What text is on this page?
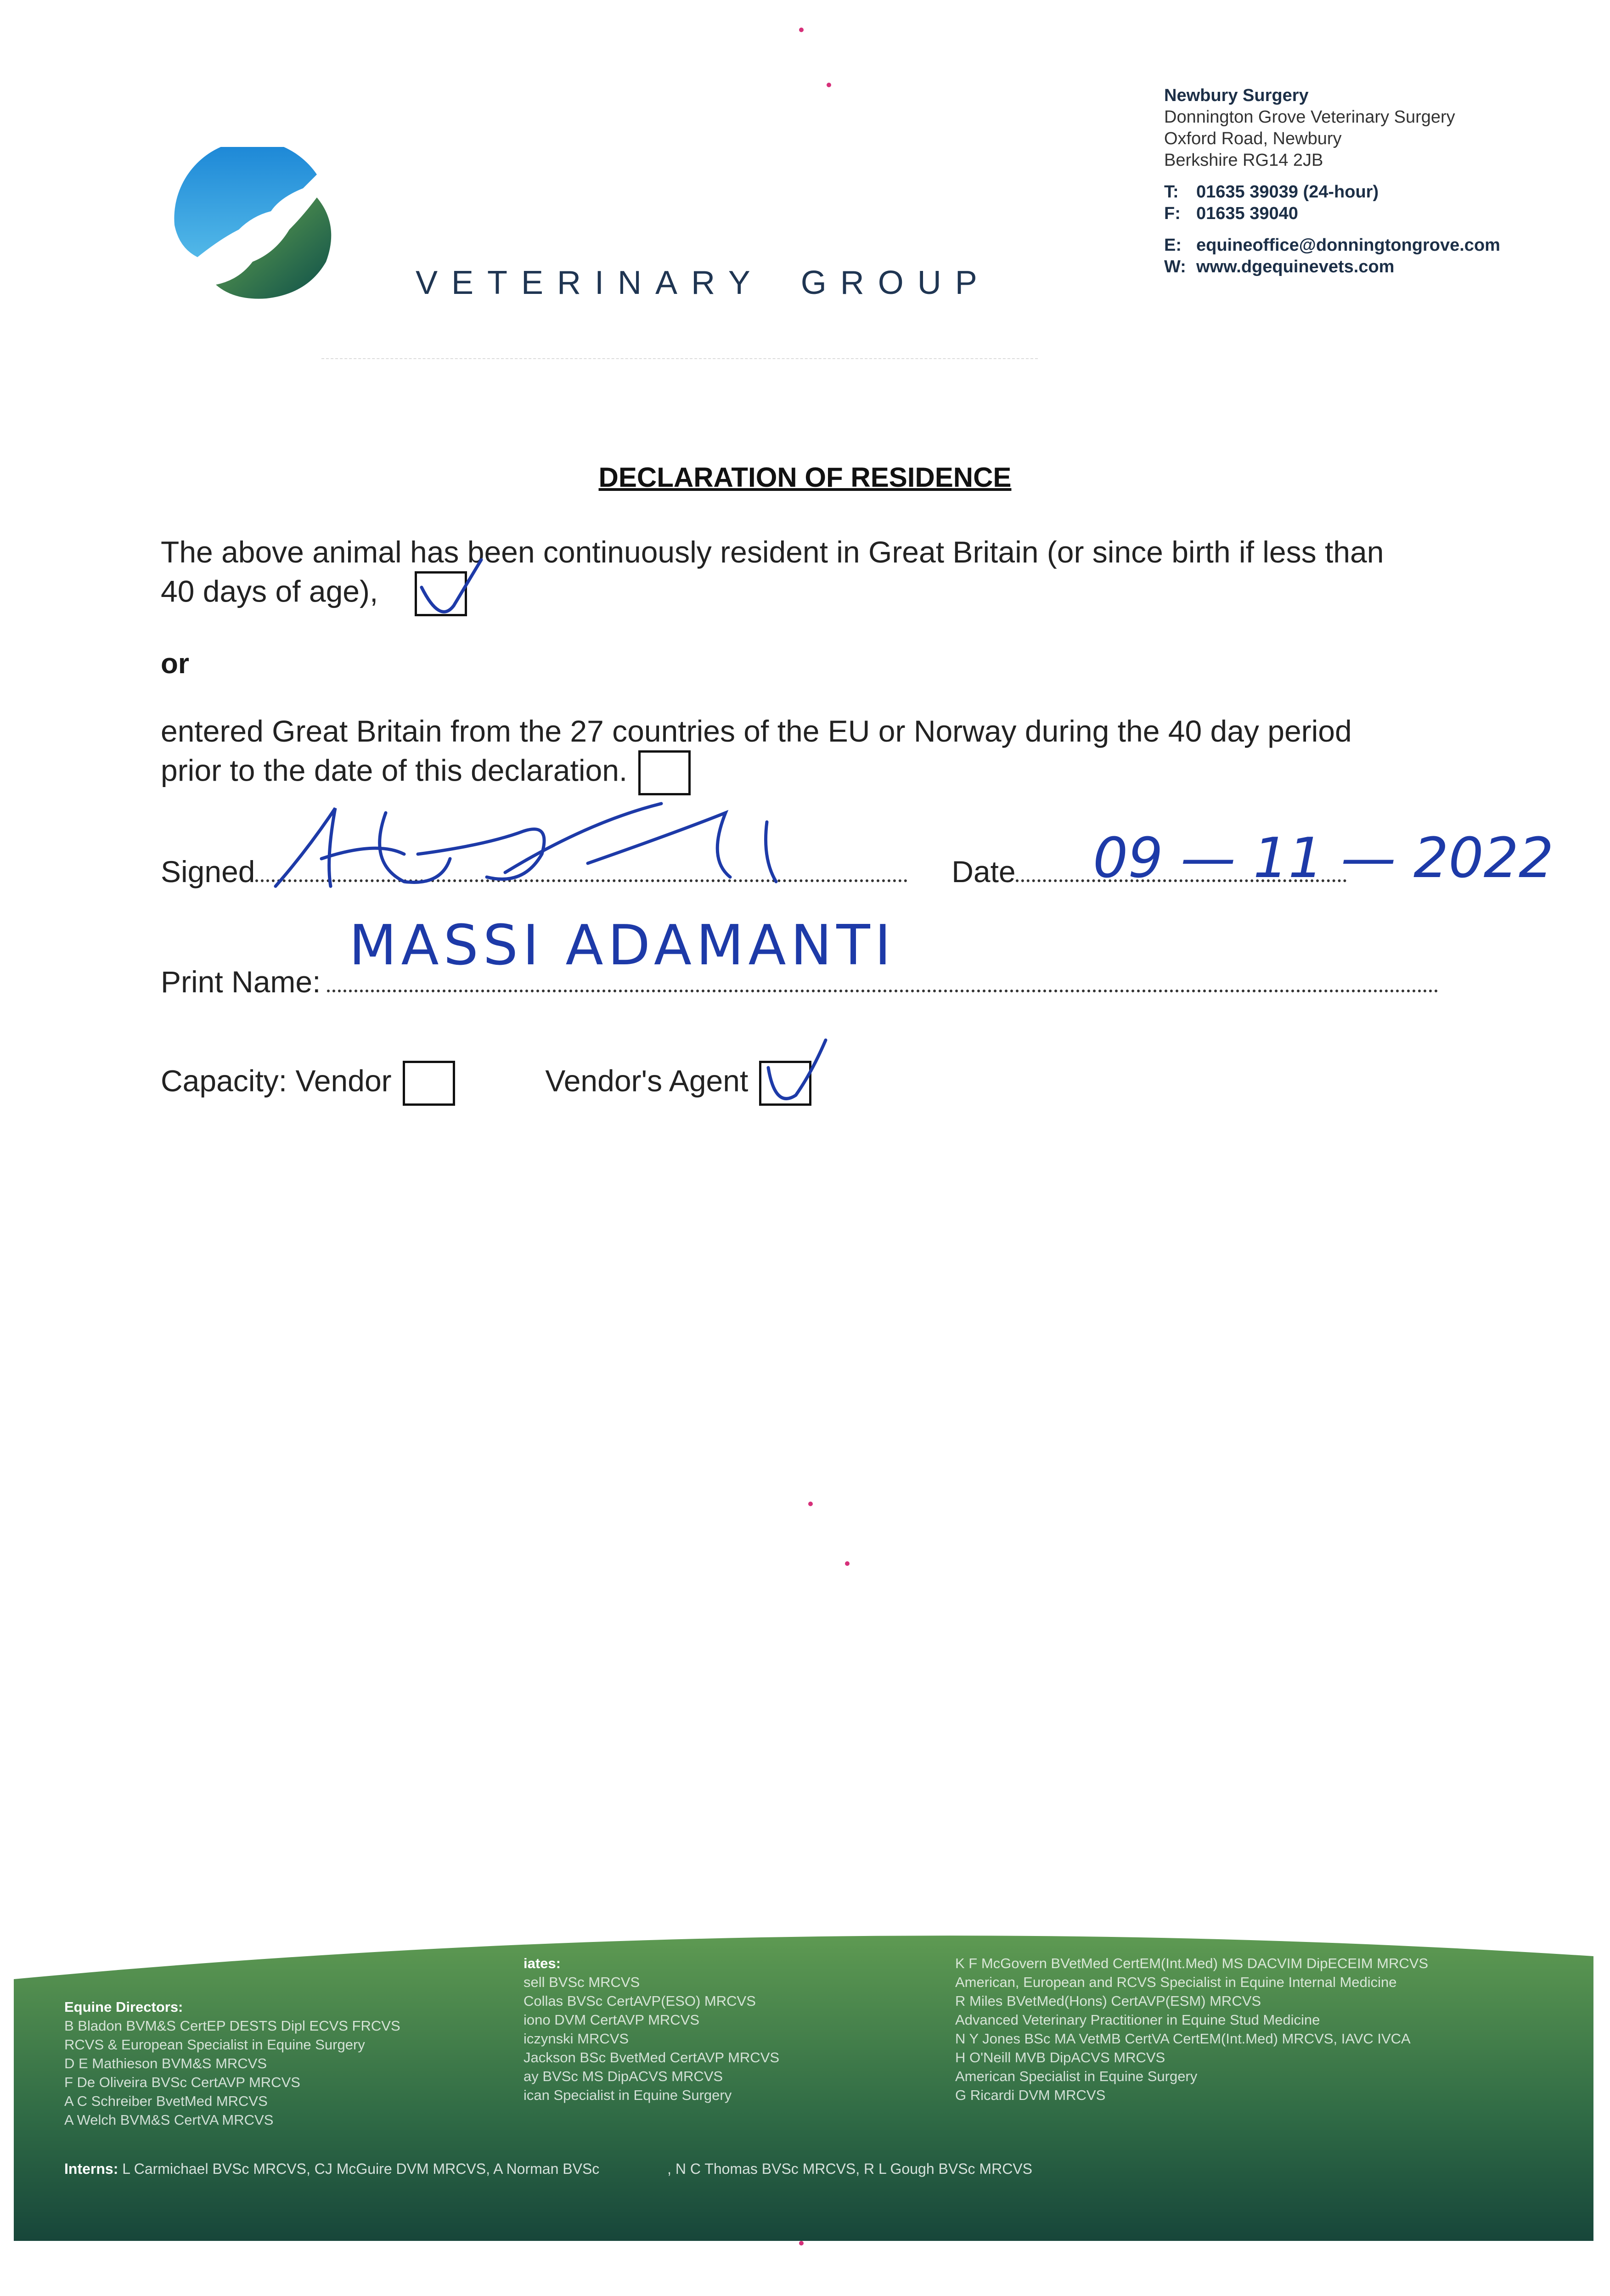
VETERINARY GROUP
Newbury Surgery
Donnington Grove Veterinary Surgery
Oxford Road, Newbury
Berkshire RG14 2JB
T: 01635 39039 (24-hour)
F: 01635 39040
E: equineoffice@donningtongrove.com
W: www.dgequinevets.com
DECLARATION OF RESIDENCE
The above animal has been continuously resident in Great Britain (or since birth if less than
40 days of age),
or
entered Great Britain from the 27 countries of the EU or Norway during the 40 day period
prior to the date of this declaration.
Signed	Date	09 — 11 — 2022
Print Name:
MASSI ADAMANTI
Capacity: Vendor	Vendor's Agent
Equine Directors:
B Bladon BVM&S CertEP DESTS Dipl ECVS FRCVS
RCVS & European Specialist in Equine Surgery
D E Mathieson BVM&S MRCVS
F De Oliveira BVSc CertAVP MRCVS
A C Schreiber BvetMed MRCVS
A Welch BVM&S CertVA MRCVS
iates:
sell BVSc MRCVS
Collas BVSc CertAVP(ESO) MRCVS
iono DVM CertAVP MRCVS
iczynski MRCVS
Jackson BSc BvetMed CertAVP MRCVS
ay BVSc MS DipACVS MRCVS
ican Specialist in Equine Surgery
K F McGovern BVetMed CertEM(Int.Med) MS DACVIM DipECEIM MRCVS
American, European and RCVS Specialist in Equine Internal Medicine
R Miles BVetMed(Hons) CertAVP(ESM) MRCVS
Advanced Veterinary Practitioner in Equine Stud Medicine
N Y Jones BSc MA VetMB CertVA CertEM(Int.Med) MRCVS, IAVC IVCA
H O'Neill MVB DipACVS MRCVS
American Specialist in Equine Surgery
G Ricardi DVM MRCVS
Interns: L Carmichael BVSc MRCVS, CJ McGuire DVM MRCVS, A Norman BVSc	, N C Thomas BVSc MRCVS, R L Gough BVSc MRCVS
